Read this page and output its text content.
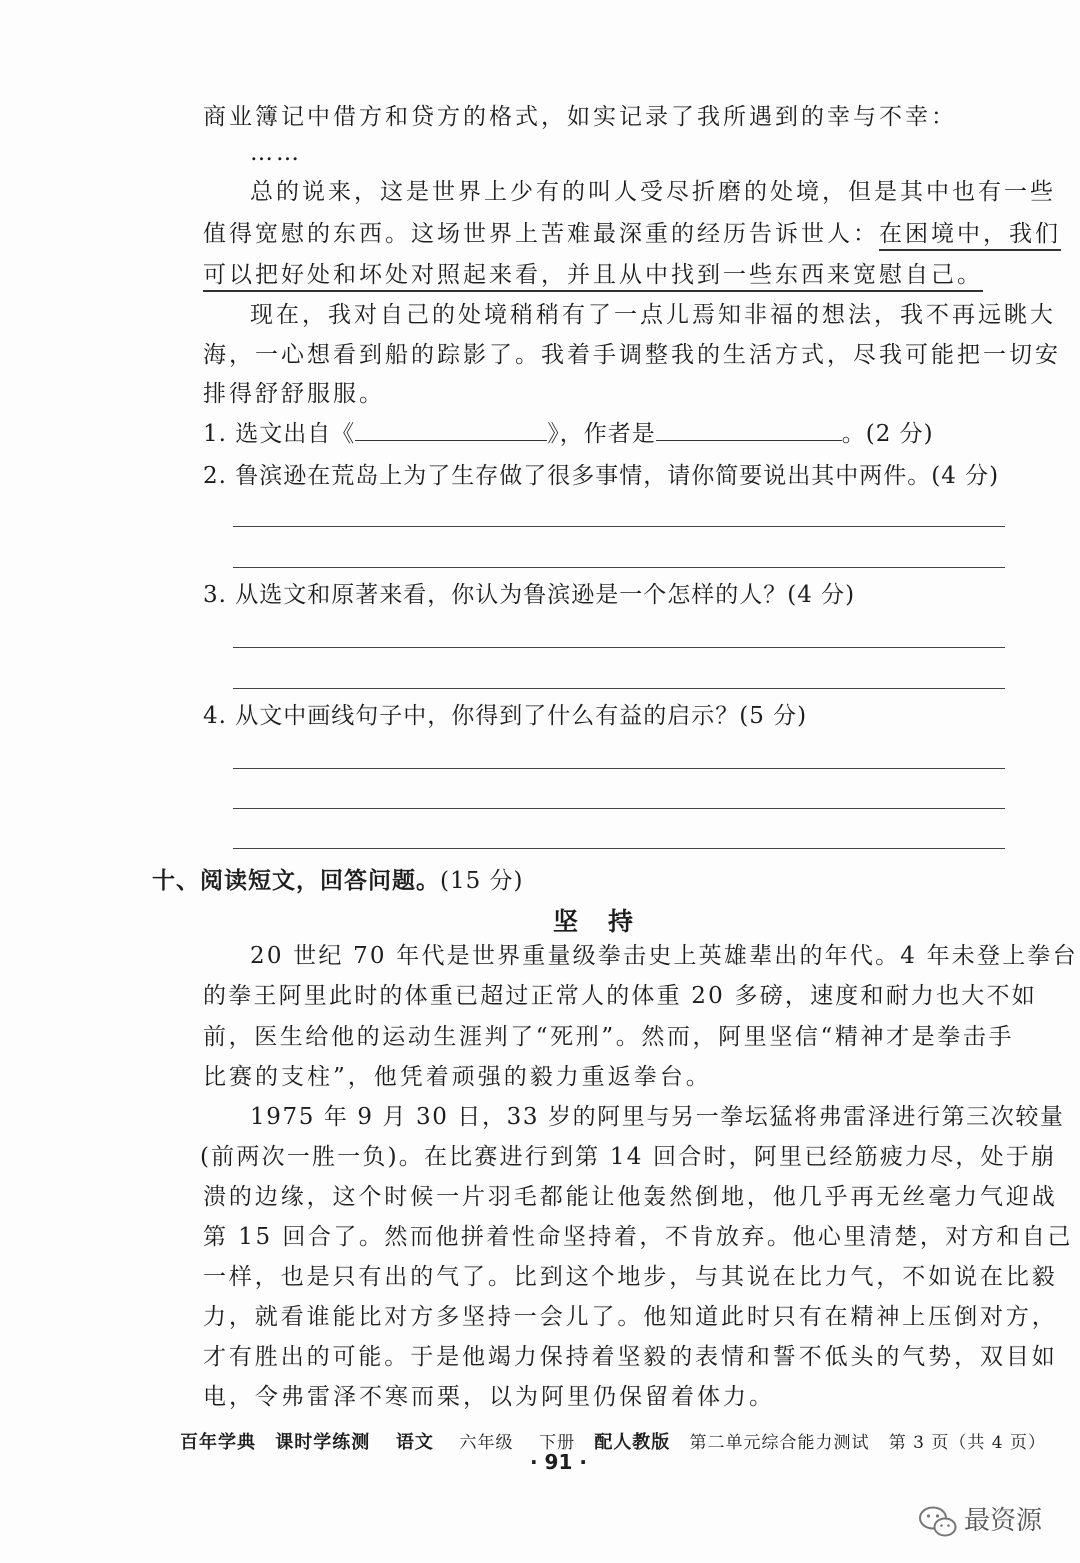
商业簿记中借方和贷方的格式，如实记录了我所遇到的幸与不幸：
……
总的说来，这是世界上少有的叫人受尽折磨的处境，但是其中也有一些
值得宽慰的东西。这场世界上苦难最深重的经历告诉世人：在困境中，我们
可以把好处和坏处对照起来看，并且从中找到一些东西来宽慰自己。
现在，我对自己的处境稍稍有了一点儿焉知非福的想法，我不再远眺大
海，一心想看到船的踪影了。我着手调整我的生活方式，尽我可能把一切安
排得舒舒服服。
1. 选文出自《	》，作者是	。(2 分)
2. 鲁滨逊在荒岛上为了生存做了很多事情，请你简要说出其中两件。(4 分)
3. 从选文和原著来看，你认为鲁滨逊是一个怎样的人？(4 分)
4. 从文中画线句子中，你得到了什么有益的启示？(5 分)
十、阅读短文，回答问题。(15 分)
坚持
20 世纪 70 年代是世界重量级拳击史上英雄辈出的年代。4 年未登上拳台
的拳王阿里此时的体重已超过正常人的体重 20 多磅，速度和耐力也大不如
前，医生给他的运动生涯判了“死刑”。然而，阿里坚信“精神才是拳击手
比赛的支柱”，他凭着顽强的毅力重返拳台。
1975 年 9 月 30 日，33 岁的阿里与另一拳坛猛将弗雷泽进行第三次较量
(前两次一胜一负)。在比赛进行到第 14 回合时，阿里已经筋疲力尽，处于崩
溃的边缘，这个时候一片羽毛都能让他轰然倒地，他几乎再无丝毫力气迎战
第 15 回合了。然而他拼着性命坚持着，不肯放弃。他心里清楚，对方和自己
一样，也是只有出的气了。比到这个地步，与其说在比力气，不如说在比毅
力，就看谁能比对方多坚持一会儿了。他知道此时只有在精神上压倒对方，
才有胜出的可能。于是他竭力保持着坚毅的表情和誓不低头的气势，双目如
电，令弗雷泽不寒而栗，以为阿里仍保留着体力。
百年学典 课时学练测 语文 六年级 下册 配人教版 第二单元综合能力测试 第 3 页（共 4 页）
· 91 ·
最资源
